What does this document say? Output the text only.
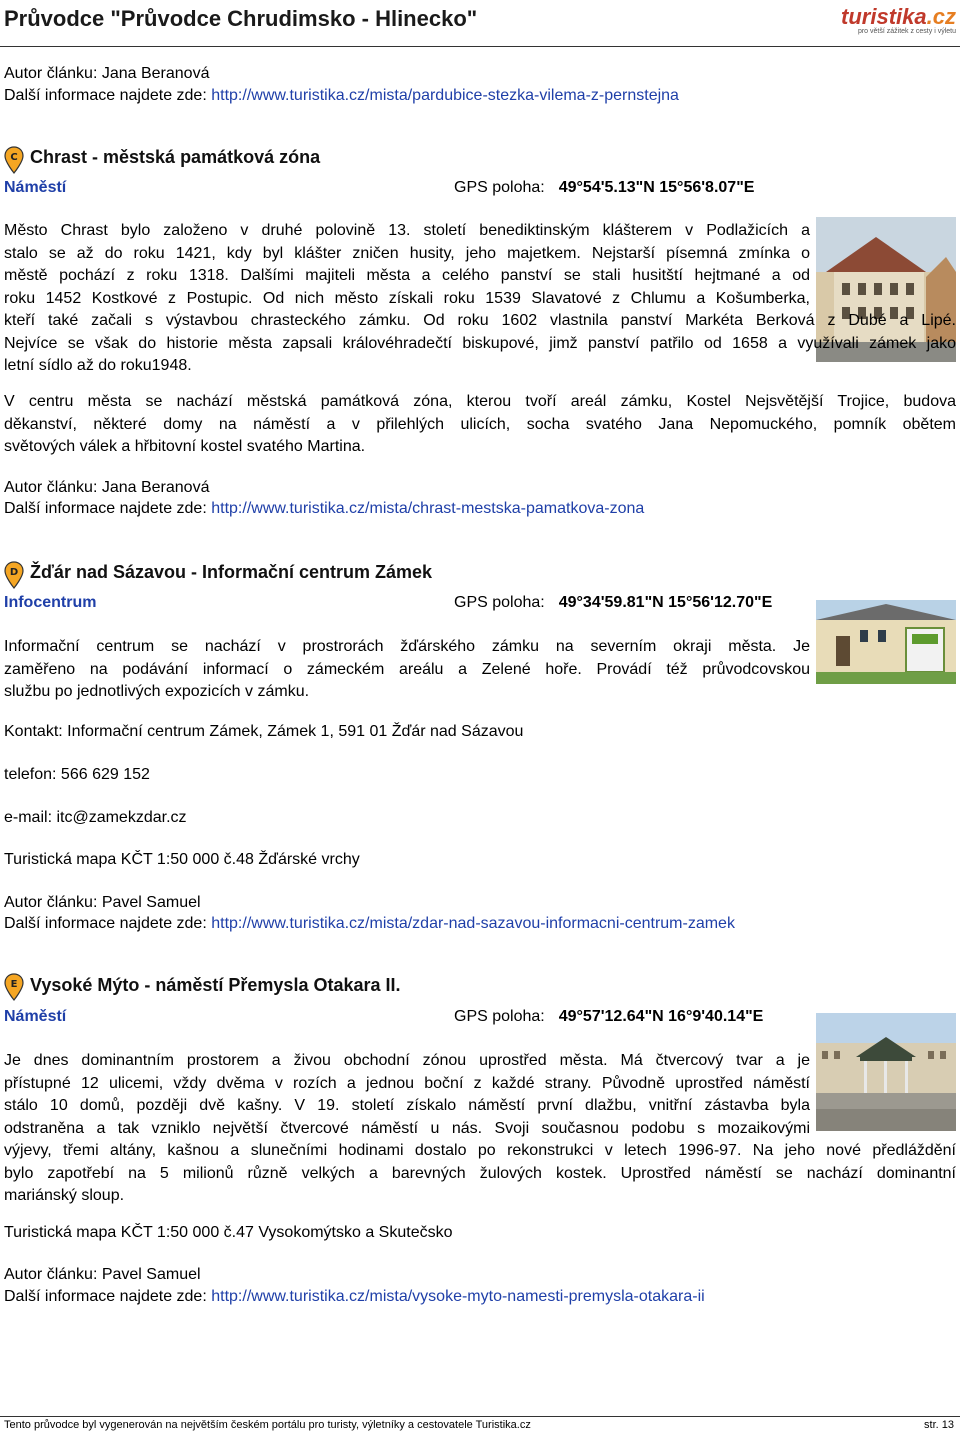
Průvodce "Průvodce Chrudimsko - Hlinecko"	turistika.cz
pro větší zážitek z cesty i výletu
Autor článku: Jana Beranová
Další informace najdete zde: http://www.turistika.cz/mista/pardubice-stezka-vilema-z-pernstejna
C Chrast - městská památková zóna
Náměstí	GPS poloha: 49°54'5.13"N 15°56'8.07"E
Město Chrast bylo založeno v druhé polovině 13. století benediktinským klášterem v Podlažicích a
stalo se až do roku 1421, kdy byl klášter zničen husity, jeho majetkem. Nejstarší písemná zmínka o
městě pochází z roku 1318. Dalšími majiteli města a celého panství se stali husitští hejtmané a od
roku 1452 Kostkové z Postupic. Od nich město získali roku 1539 Slavatové z Chlumu a Košumberka,
kteří také začali s výstavbou chrasteckého zámku. Od roku 1602 vlastnila panství Markéta Berková z Dubé a Lipé.
Nejvíce se však do historie města zapsali královéhradečtí biskupové, jimž panství patřilo od 1658 a využívali zámek jako
letní sídlo až do roku1948.
V centru města se nachází městská památková zóna, kterou tvoří areál zámku, Kostel Nejsvětější Trojice, budova
děkanství, některé domy na náměstí a v přilehlých ulicích, socha svatého Jana Nepomuckého, pomník obětem
světových válek a hřbitovní kostel svatého Martina.
Autor článku: Jana Beranová
Další informace najdete zde: http://www.turistika.cz/mista/chrast-mestska-pamatkova-zona
D Žďár nad Sázavou - Informační centrum Zámek
Infocentrum	GPS poloha: 49°34'59.81"N 15°56'12.70"E
Informační centrum se nachází v prostrorách žďárského zámku na severním okraji města. Je
zaměřeno na podávání informací o zámeckém areálu a Zelené hoře. Provádí též průvodcovskou
službu po jednotlivých expozicích v zámku.
Kontakt: Informační centrum Zámek, Zámek 1, 591 01 Žďár nad Sázavou
telefon: 566 629 152
e-mail: itc@zamekzdar.cz
Turistická mapa KČT 1:50 000 č.48 Žďárské vrchy
Autor článku: Pavel Samuel
Další informace najdete zde: http://www.turistika.cz/mista/zdar-nad-sazavou-informacni-centrum-zamek
E Vysoké Mýto - náměstí Přemysla Otakara II.
Náměstí	GPS poloha: 49°57'12.64"N 16°9'40.14"E
Je dnes dominantním prostorem a živou obchodní zónou uprostřed města. Má čtvercový tvar a je
přístupné 12 ulicemi, vždy dvěma v rozích a jednou boční z každé strany. Původně uprostřed náměstí
stálo 10 domů, později dvě kašny. V 19. století získalo náměstí první dlažbu, vnitřní zástavba byla
odstraněna a tak vzniklo největší čtvercové náměstí u nás. Svoji současnou podobu s mozaikovými
výjevy, třemi altány, kašnou a slunečními hodinami dostalo po rekonstrukci v letech 1996-97. Na jeho nové předláždění
bylo zapotřebí na 5 milionů různě velkých a barevných žulových kostek. Uprostřed náměstí se nachází dominantní
mariánský sloup.
Turistická mapa KČT 1:50 000 č.47 Vysokomýtsko a Skutečsko
Autor článku: Pavel Samuel
Další informace najdete zde: http://www.turistika.cz/mista/vysoke-myto-namesti-premysla-otakara-ii
Tento průvodce byl vygenerován na největším českém portálu pro turisty, výletníky a cestovatele Turistika.cz	str. 13
